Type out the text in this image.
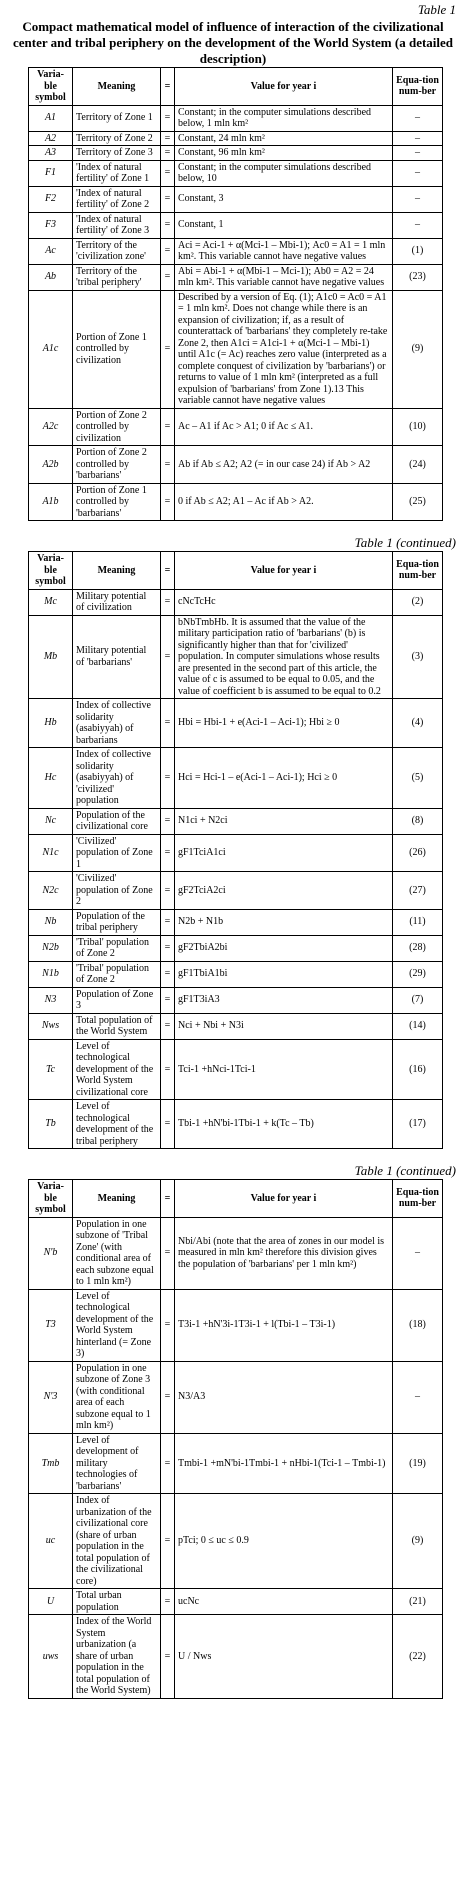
Table 1
Compact mathematical model of influence of interaction of the civilizational center and tribal periphery on the development of the World System (a detailed description)
Varia-ble symbol	Meaning	=	Value for year i	Equa-tion num-ber
A1	Territory of Zone 1	=	Constant; in the computer simulations described below, 1 mln km²	–
A2	Territory of Zone 2	=	Constant, 24 mln km²	–
A3	Territory of Zone 3	=	Constant, 96 mln km²	–
F1	'Index of natural fertility' of Zone 1	=	Constant; in the computer simulations described below, 10	–
F2	'Index of natural fertility' of Zone 2	=	Constant, 3	–
F3	'Index of natural fertility' of Zone 3	=	Constant, 1	–
Ac	Territory of the 'civilization zone'	=	Aci = Aci-1 + α(Mci-1 – Mbi-1); Ac0 = A1 = 1 mln km². This variable cannot have negative values	(1)
Ab	Territory of the 'tribal periphery'	=	Abi = Abi-1 + α(Mbi-1 – Mci-1); Ab0 = A2 = 24 mln km². This variable cannot have negative values	(23)
A1c	Portion of Zone 1 controlled by civilization	=	Described by a version of Eq. (1); A1c0 = Ac0 = A1 = 1 mln km². Does not change while there is an expansion of civilization; if, as a result of counterattack of 'barbarians' they completely re-take Zone 2, then A1ci = A1ci-1 + α(Mci-1 – Mbi-1) until A1c (= Ac) reaches zero value (interpreted as a complete conquest of civilization by 'barbarians') or returns to value of 1 mln km² (interpreted as a full expulsion of 'barbarians' from Zone 1).13 This variable cannot have negative values	(9)
A2c	Portion of Zone 2 controlled by civilization	=	Ac – A1 if Ac > A1; 0 if Ac ≤ A1.	(10)
A2b	Portion of Zone 2 controlled by 'barbarians'	=	Ab if Ab ≤ A2; A2 (= in our case 24) if Ab > A2	(24)
A1b	Portion of Zone 1 controlled by 'barbarians'	=	0 if Ab ≤ A2; A1 – Ac if Ab > A2.	(25)
Table 1 (continued)
Varia-ble symbol	Meaning	=	Value for year i	Equa-tion num-ber
Mc	Military potential of civilization	=	cNcTcHc	(2)
Mb	Military potential of 'barbarians'	=	bNbTmbHb. It is assumed that the value of the military participation ratio of 'barbarians' (b) is significantly higher than that for 'civilized' population. In computer simulations whose results are presented in the second part of this article, the value of c is assumed to be equal to 0.05, and the value of coefficient b is assumed to be equal to 0.2	(3)
Hb	Index of collective solidarity (asabiyyah) of barbarians	=	Hbi = Hbi-1 + e(Aci-1 – Aci-1); Hbi ≥ 0	(4)
Hc	Index of collective solidarity (asabiyyah) of 'civilized' population	=	Hci = Hci-1 – e(Aci-1 – Aci-1); Hci ≥ 0	(5)
Nc	Population of the civilizational core	=	N1ci + N2ci	(8)
N1c	'Civilized' population of Zone 1	=	gF1TciA1ci	(26)
N2c	'Civilized' population of Zone 2	=	gF2TciA2ci	(27)
Nb	Population of the tribal periphery	=	N2b + N1b	(11)
N2b	'Tribal' population of Zone 2	=	gF2TbiA2bi	(28)
N1b	'Tribal' population of Zone 2	=	gF1TbiA1bi	(29)
N3	Population of Zone 3	=	gF1T3iA3	(7)
Nws	Total population of the World System	=	Nci + Nbi + N3i	(14)
Tc	Level of technological development of the World System civilizational core	=	Tci-1 +hNci-1Tci-1	(16)
Tb	Level of technological development of the tribal periphery	=	Tbi-1 +hN'bi-1Tbi-1 + k(Tc – Tb)	(17)
Table 1 (continued)
Varia-ble symbol	Meaning	=	Value for year i	Equa-tion num-ber
N'b	Population in one subzone of 'Tribal Zone' (with conditional area of each subzone equal to 1 mln km²)	=	Nbi/Abi (note that the area of zones in our model is measured in mln km² therefore this division gives the population of 'barbarians' per 1 mln km²)	–
T3	Level of technological development of the World System hinterland (= Zone 3)	=	T3i-1 +hN'3i-1T3i-1 + l(Tbi-1 – T3i-1)	(18)
N'3	Population in one subzone of Zone 3 (with conditional area of each subzone equal to 1 mln km²)	=	N3/A3	–
Tmb	Level of development of military technologies of 'barbarians'	=	Tmbi-1 +mN'bi-1Tmbi-1 + nHbi-1(Tci-1 – Tmbi-1)	(19)
uc	Index of urbanization of the civilizational core (share of urban population in the total population of the civilizational core)	=	pTci; 0 ≤ uc ≤ 0.9	(9)
U	Total urban population	=	ucNc	(21)
uws	Index of the World System urbanization (a share of urban population in the total population of the World System)	=	U / Nws	(22)
